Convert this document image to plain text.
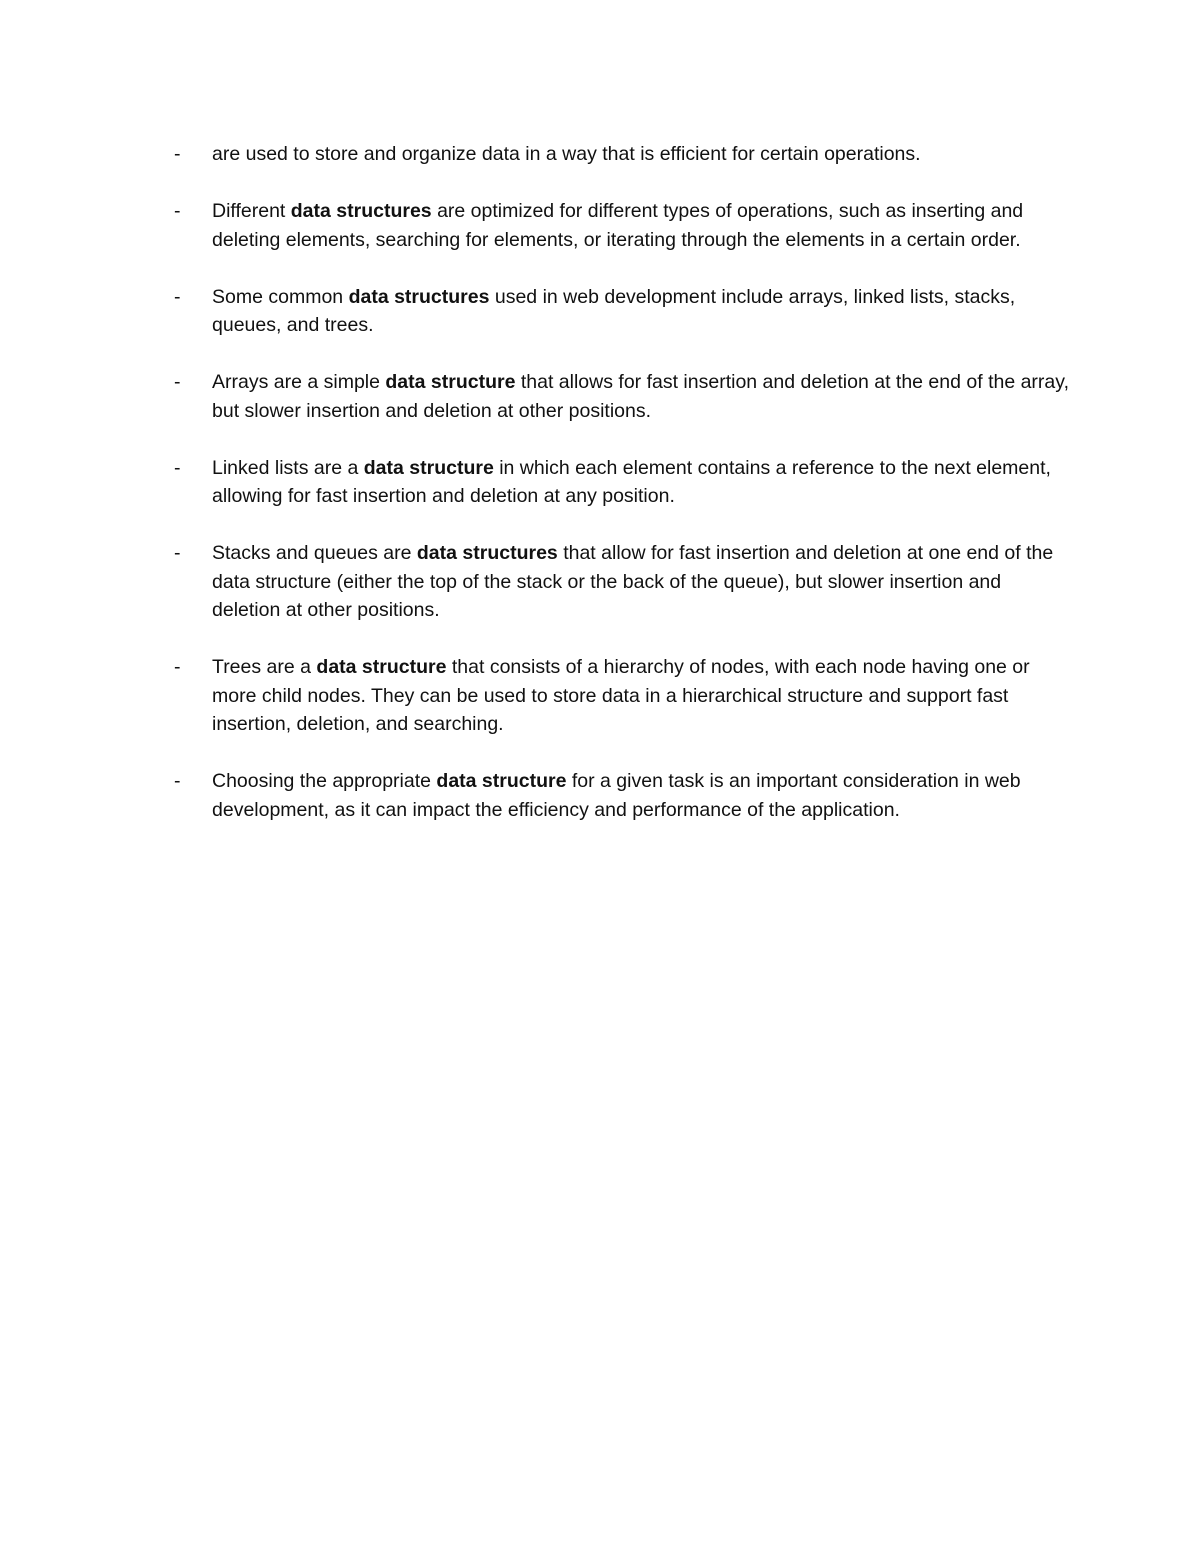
-	are used to store and organize data in a way that is efficient for certain operations.
-	Different data structures are optimized for different types of operations, such as inserting and deleting elements, searching for elements, or iterating through the elements in a certain order.
-	Some common data structures used in web development include arrays, linked lists, stacks, queues, and trees.
-	Arrays are a simple data structure that allows for fast insertion and deletion at the end of the array, but slower insertion and deletion at other positions.
-	Linked lists are a data structure in which each element contains a reference to the next element, allowing for fast insertion and deletion at any position.
-	Stacks and queues are data structures that allow for fast insertion and deletion at one end of the data structure (either the top of the stack or the back of the queue), but slower insertion and deletion at other positions.
-	Trees are a data structure that consists of a hierarchy of nodes, with each node having one or more child nodes. They can be used to store data in a hierarchical structure and support fast insertion, deletion, and searching.
-	Choosing the appropriate data structure for a given task is an important consideration in web development, as it can impact the efficiency and performance of the application.
